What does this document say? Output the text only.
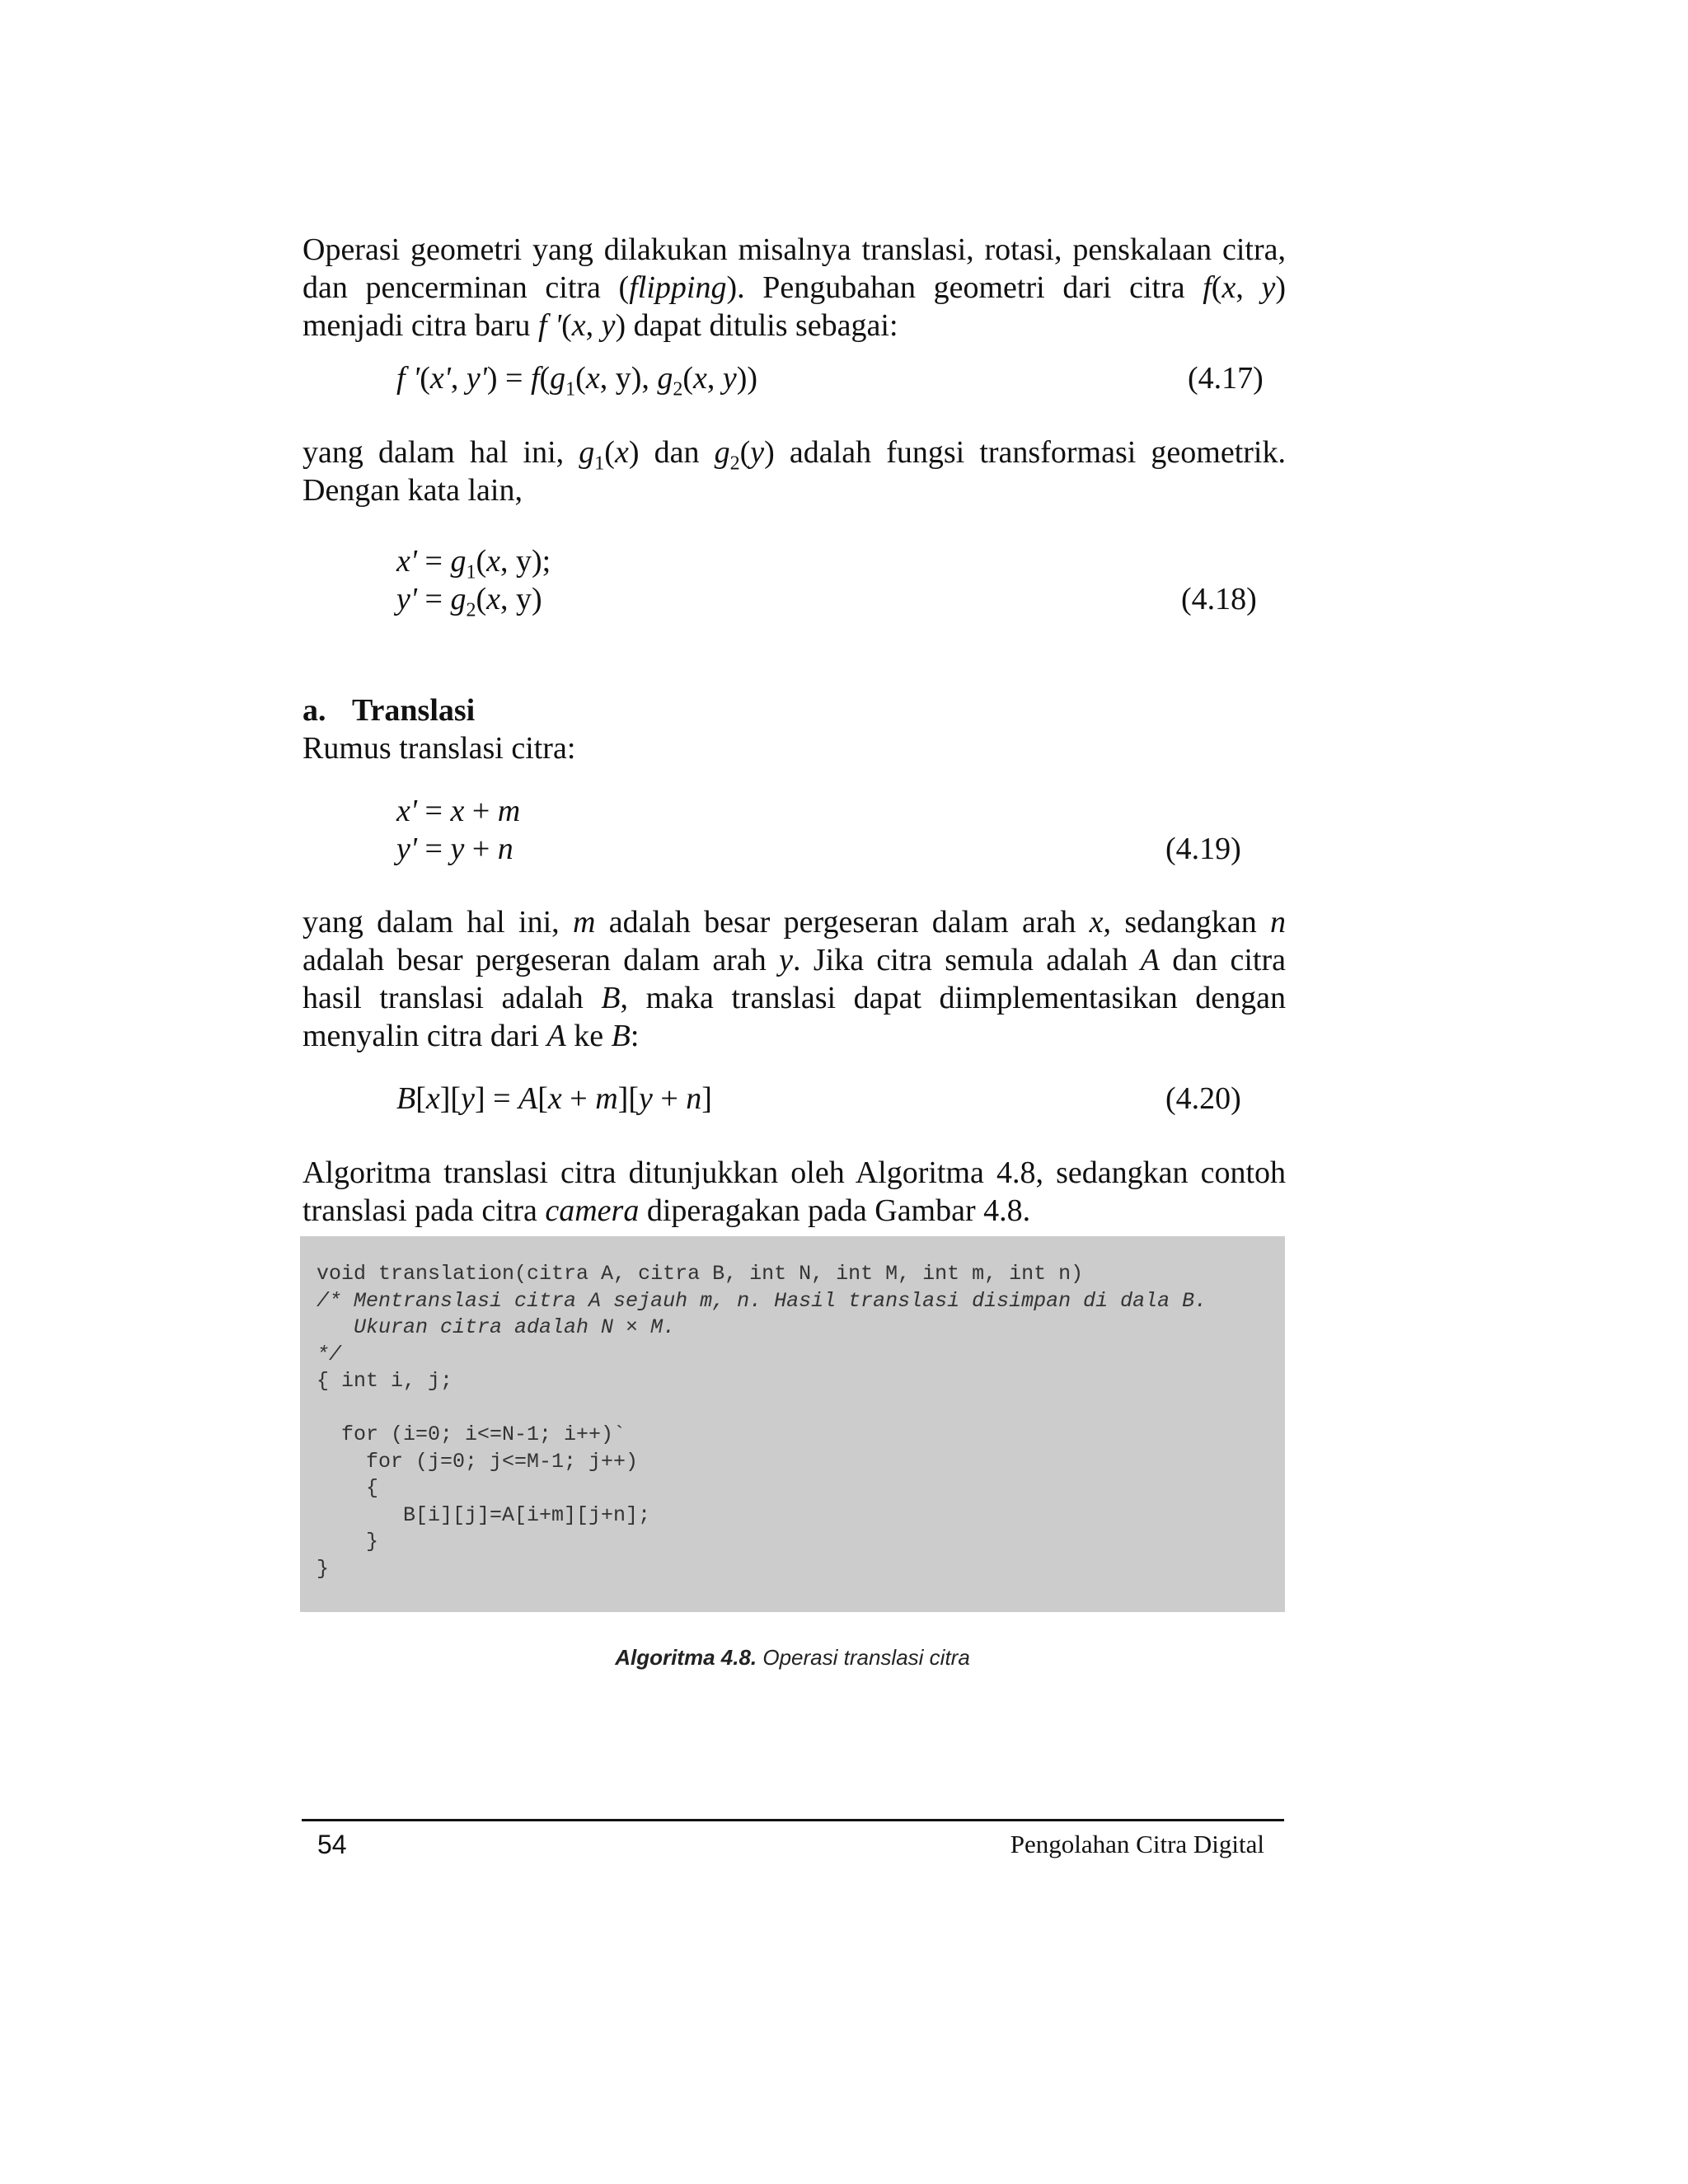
Operasi geometri yang dilakukan misalnya translasi, rotasi, penskalaan citra, dan pencerminan citra (flipping). Pengubahan geometri dari citra f(x, y) menjadi citra baru f '(x, y) dapat ditulis sebagai:

f '(x', $y') = f(g_1(x$, y), $g_2(x$, y))	(4.17)

yang dalam hal ini, $g_1(x)$ dan $g_2(y)$ adalah fungsi transformasi geometrik. Dengan kata lain,

$x' = g_1(x$, y);
$y' = g_2(x$, y)	(4.18)

a. Translasi

Rumus translasi citra:

x' = x + m
y' = y + n	(4.19)

yang dalam hal ini, m adalah besar pergeseran dalam arah x, sedangkan n adalah besar pergeseran dalam arah y. Jika citra semula adalah A dan citra hasil translasi adalah B, maka translasi dapat diimplementasikan dengan menyalin citra dari A ke B:

B[x][y] = A[x + m][y + n]	(4.20)

Algoritma translasi citra ditunjukkan oleh Algoritma 4.8, sedangkan contoh translasi pada citra camera diperagakan pada Gambar 4.8.

void translation(citra A, citra B, int N, int M, int m, int n)
/* Mentranslasi citra A sejauh m, n. Hasil translasi disimpan di dala B.
Ukuran citra adalah N × M.
*/
{ int i, j;
for (i=0; i<=N-1; i++)`
for (j=0; j<=M-1; j++)
{
B[i][j]=A[i+m][j+n];
}
}
Algoritma 4.8. Operasi translasi citra
54	Pengolahan Citra Digital
